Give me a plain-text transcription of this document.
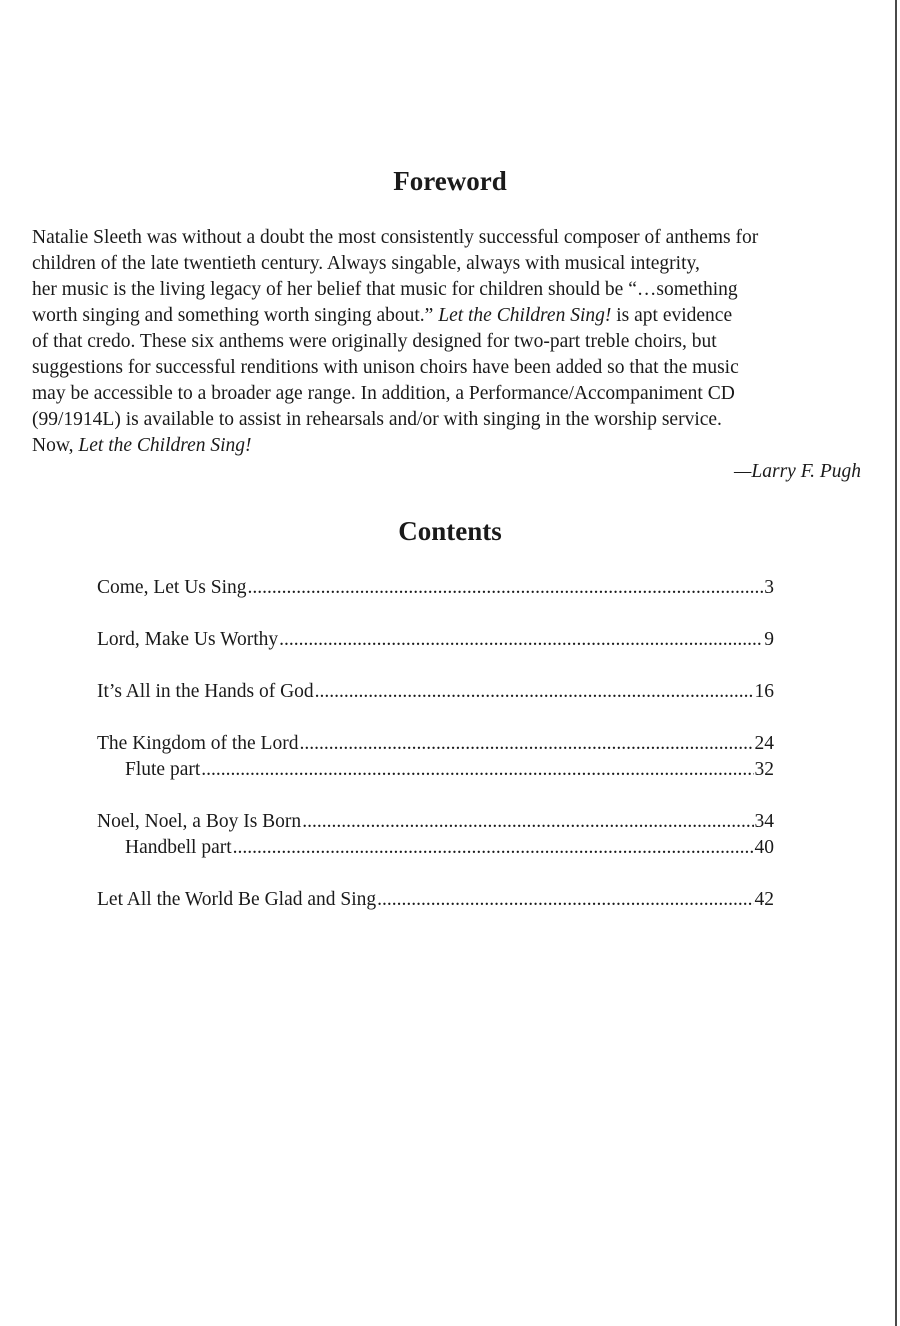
Foreword
Natalie Sleeth was without a doubt the most consistently successful composer of anthems for
children of the late twentieth century. Always singable, always with musical integrity,
her music is the living legacy of her belief that music for children should be “…something
worth singing and something worth singing about.” Let the Children Sing! is apt evidence
of that credo. These six anthems were originally designed for two-part treble choirs, but
suggestions for successful renditions with unison choirs have been added so that the music
may be accessible to a broader age range. In addition, a Performance/Accompaniment CD
(99/1914L) is available to assist in rehearsals and/or with singing in the worship service.
Now, Let the Children Sing!
—Larry F. Pugh
Contents
Come, Let Us Sing .....	3
Lord, Make Us Worthy .....	9
It’s All in the Hands of God .....	16
The Kingdom of the Lord .....	24
Flute part .....	32
Noel, Noel, a Boy Is Born .....	34
Handbell part .....	40
Let All the World Be Glad and Sing .....	42
